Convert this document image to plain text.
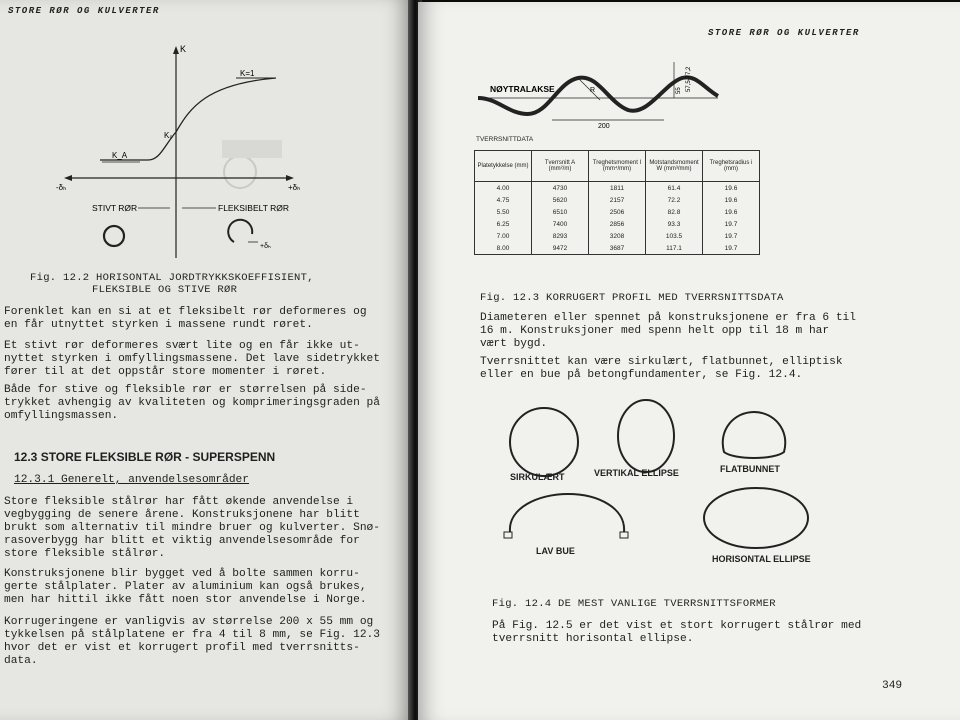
STORE RØR OG KULVERTER
K
K=1
K₀
K_A
-δₕ	+δₕ
STIVT RØR	FLEKSIBELT RØR
+δₕ
Fig. 12.2 HORISONTAL JORDTRYKKSKOEFFISIENT,
FLEKSIBLE OG STIVE RØR
Forenklet kan en si at et fleksibelt rør deformeres og
en får utnyttet styrken i massene rundt røret.
Et stivt rør deformeres svært lite og en får ikke ut-
nyttet styrken i omfyllingsmassene. Det lave sidetrykket
fører til at det oppstår store momenter i røret.
Både for stive og fleksible rør er størrelsen på side-
trykket avhengig av kvaliteten og komprimeringsgraden på
omfyllingsmassen.
12.3 STORE FLEKSIBLE RØR - SUPERSPENN
12.3.1 Generelt, anvendelsesområder
Store fleksible stålrør har fått økende anvendelse i
vegbygging de senere årene. Konstruksjonene har blitt
brukt som alternativ til mindre bruer og kulverter. Snø-
rasoverbygg har blitt et viktig anvendelsesområde for
store fleksible stålrør.
Konstruksjonene blir bygget ved å bolte sammen korru-
gerte stålplater. Plater av aluminium kan også brukes,
men har hittil ikke fått noen stor anvendelse i Norge.
Korrugeringene er vanligvis av størrelse 200 x 55 mm og
tykkelsen på stålplatene er fra 4 til 8 mm, se Fig. 12.3
hvor det er vist et korrugert profil med tverrsnitts-
data.
STORE RØR OG KULVERTER
NØYTRALAKSE
200
R	57,5-77,2
55
TVERRSNITTDATA
Platetykkelse (mm)	Tverrsnitt A (mm²/m)	Treghetsmoment I (mm⁴/mm)	Motstandsmoment W (mm³/mm)	Treghetsradius i (mm)
4.00	4730	1811	61.4	19.6
4.75	5620	2157	72.2	19.6
5.50	6510	2506	82.8	19.6
6.25	7400	2856	93.3	19.7
7.00	8293	3208	103.5	19.7
8.00	9472	3687	117.1	19.7
Fig. 12.3 KORRUGERT PROFIL MED TVERRSNITTSDATA
Diameteren eller spennet på konstruksjonene er fra 6 til
16 m. Konstruksjoner med spenn helt opp til 18 m har
vært bygd.
Tverrsnittet kan være sirkulært, flatbunnet, elliptisk
eller en bue på betongfundamenter, se Fig. 12.4.
SIRKULÆRT	VERTIKAL ELLIPSE	FLATBUNNET
LAV BUE
HORISONTAL ELLIPSE
Fig. 12.4 DE MEST VANLIGE TVERRSNITTSFORMER
På Fig. 12.5 er det vist et stort korrugert stålrør med
tverrsnitt horisontal ellipse.
349
